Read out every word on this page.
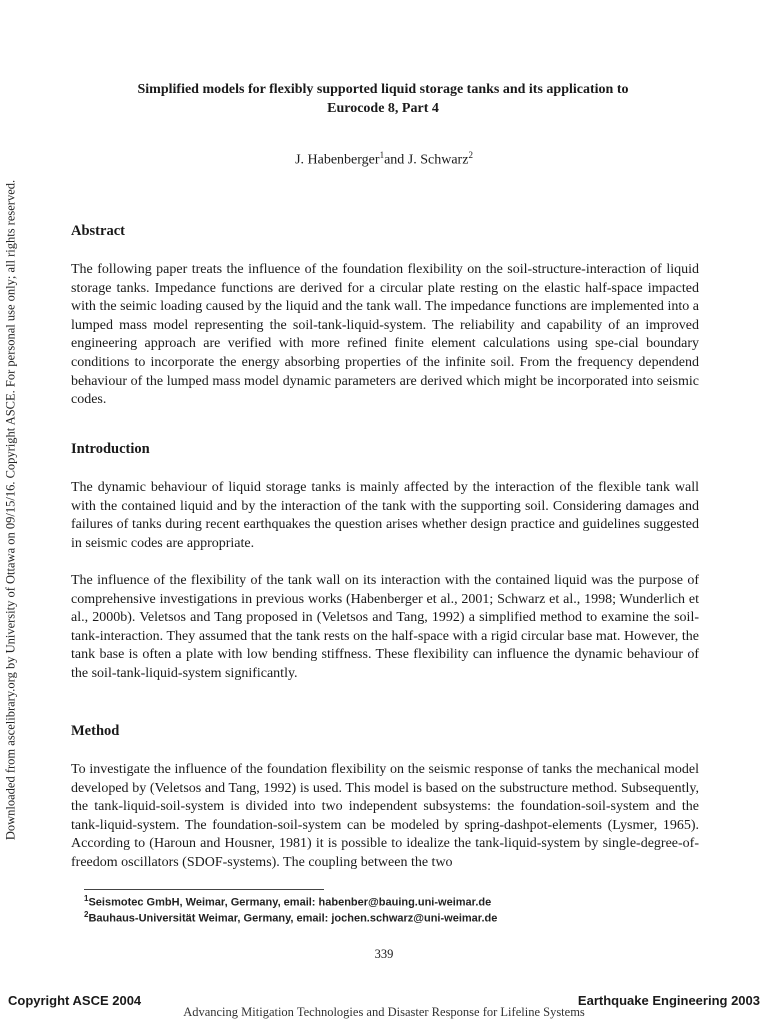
Downloaded from ascelibrary.org by University of Ottawa on 09/15/16. Copyright ASCE. For personal use only; all rights reserved.
Simplified models for flexibly supported liquid storage tanks and its application to
Eurocode 8, Part 4
J. Habenberger$^1$and J. Schwarz$^2$
Abstract

The following paper treats the influence of the foundation flexibility on the soil-structure-interaction of liquid storage tanks. Impedance functions are derived for a circular plate resting on the elastic half-space impacted with the seimic loading caused by the liquid and the tank wall. The impedance functions are implemented into a lumped mass model representing the soil-tank-liquid-system. The reliability and capability of an improved engineering approach are verified with more refined finite element calculations using spe-cial boundary conditions to incorporate the energy absorbing properties of the infinite soil. From the frequency dependend behaviour of the lumped mass model dynamic parameters are derived which might be incorporated into seismic codes.

Introduction

The dynamic behaviour of liquid storage tanks is mainly affected by the interaction of the flexible tank wall with the contained liquid and by the interaction of the tank with the supporting soil. Considering damages and failures of tanks during recent earthquakes the question arises whether design practice and guidelines suggested in seismic codes are appropriate.

The influence of the flexibility of the tank wall on its interaction with the contained liquid was the purpose of comprehensive investigations in previous works (Habenberger et al., 2001; Schwarz et al., 1998; Wunderlich et al., 2000b). Veletsos and Tang proposed in (Veletsos and Tang, 1992) a simplified method to examine the soil-tank-interaction. They assumed that the tank rests on the half-space with a rigid circular base mat. However, the tank base is often a plate with low bending stiffness. These flexibility can influence the dynamic behaviour of the soil-tank-liquid-system significantly.

Method

To investigate the influence of the foundation flexibility on the seismic response of tanks the mechanical model developed by (Veletsos and Tang, 1992) is used. This model is based on the substructure method. Subsequently, the tank-liquid-soil-system is divided into two independent subsystems: the foundation-soil-system and the tank-liquid-system. The foundation-soil-system can be modeled by spring-dashpot-elements (Lysmer, 1965). According to (Haroun and Housner, 1981) it is possible to idealize the tank-liquid-system by single-degree-of-freedom oscillators (SDOF-systems). The coupling between the two

$^1$Seismotec GmbH, Weimar, Germany, email: habenber@bauing.uni-weimar.de
$^2$Bauhaus-Universität Weimar, Germany, email: jochen.schwarz@uni-weimar.de
339
Copyright ASCE 2004	Earthquake Engineering 2003
Advancing Mitigation Technologies and Disaster Response for Lifeline Systems
